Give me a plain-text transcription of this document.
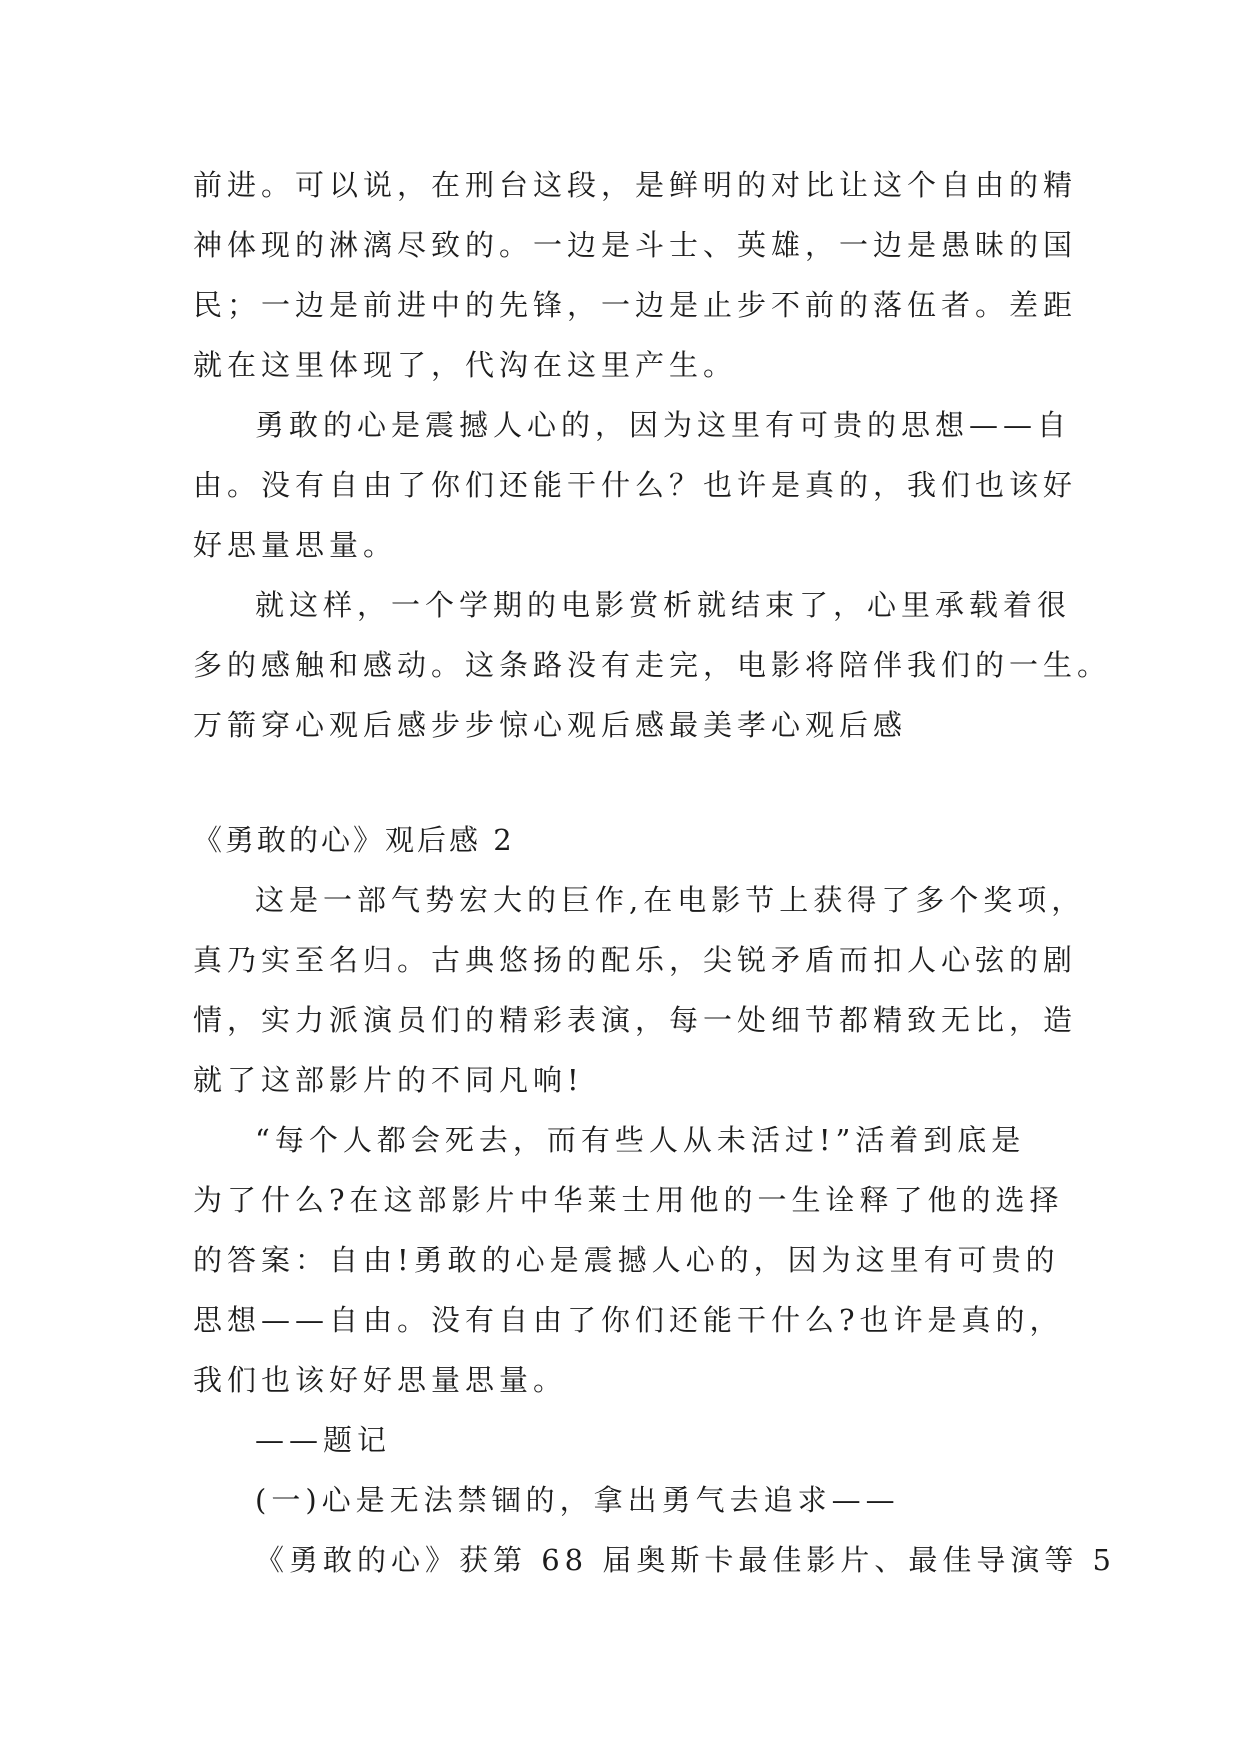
前进。可以说，在刑台这段，是鲜明的对比让这个自由的精
神体现的淋漓尽致的。一边是斗士、英雄，一边是愚昧的国
民；一边是前进中的先锋，一边是止步不前的落伍者。差距
就在这里体现了，代沟在这里产生。
勇敢的心是震撼人心的，因为这里有可贵的思想——自
由。没有自由了你们还能干什么？也许是真的，我们也该好
好思量思量。
就这样，一个学期的电影赏析就结束了，心里承载着很
多的感触和感动。这条路没有走完，电影将陪伴我们的一生。
万箭穿心观后感步步惊心观后感最美孝心观后感
《勇敢的心》观后感 2
这是一部气势宏大的巨作,在电影节上获得了多个奖项，
真乃实至名归。古典悠扬的配乐，尖锐矛盾而扣人心弦的剧
情，实力派演员们的精彩表演，每一处细节都精致无比，造
就了这部影片的不同凡响!
“每个人都会死去，而有些人从未活过!”活着到底是
为了什么?在这部影片中华莱士用他的一生诠释了他的选择
的答案：自由!勇敢的心是震撼人心的，因为这里有可贵的
思想——自由。没有自由了你们还能干什么?也许是真的，
我们也该好好思量思量。
——题记
(一)心是无法禁锢的，拿出勇气去追求——
《勇敢的心》获第 68 届奥斯卡最佳影片、最佳导演等 5
